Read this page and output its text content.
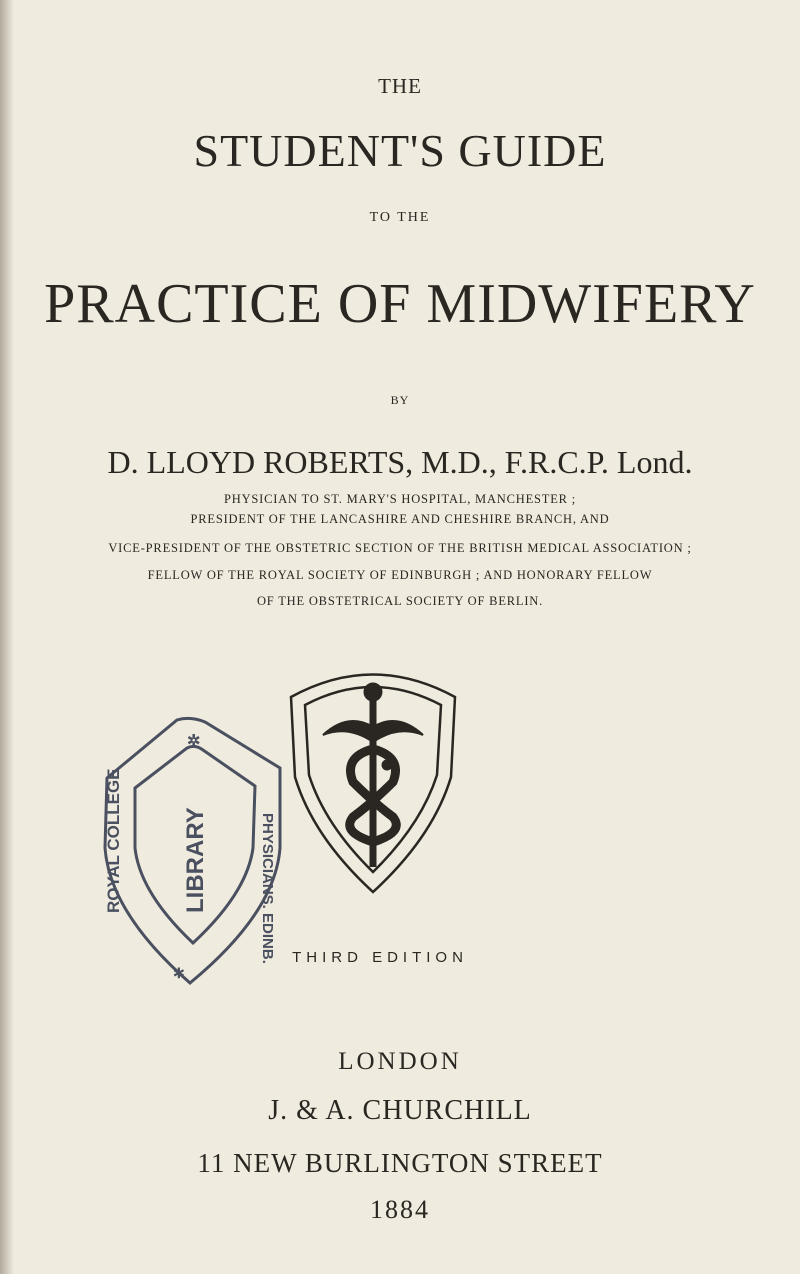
THE
STUDENT'S GUIDE
TO THE
PRACTICE OF MIDWIFERY
BY
D. LLOYD ROBERTS, M.D., F.R.C.P. Lond.
PHYSICIAN TO ST. MARY'S HOSPITAL, MANCHESTER ;
PRESIDENT OF THE LANCASHIRE AND CHESHIRE BRANCH, AND
VICE-PRESIDENT OF THE OBSTETRIC SECTION OF THE BRITISH MEDICAL ASSOCIATION ;
FELLOW OF THE ROYAL SOCIETY OF EDINBURGH ; AND HONORARY FELLOW
OF THE OBSTETRICAL SOCIETY OF BERLIN.
ROYAL COLLEGE	PHYSICIANS. EDINB.
LIBRARY
✲
✲
THIRD EDITION
LONDON
J. & A. CHURCHILL
11 NEW BURLINGTON STREET
1884
